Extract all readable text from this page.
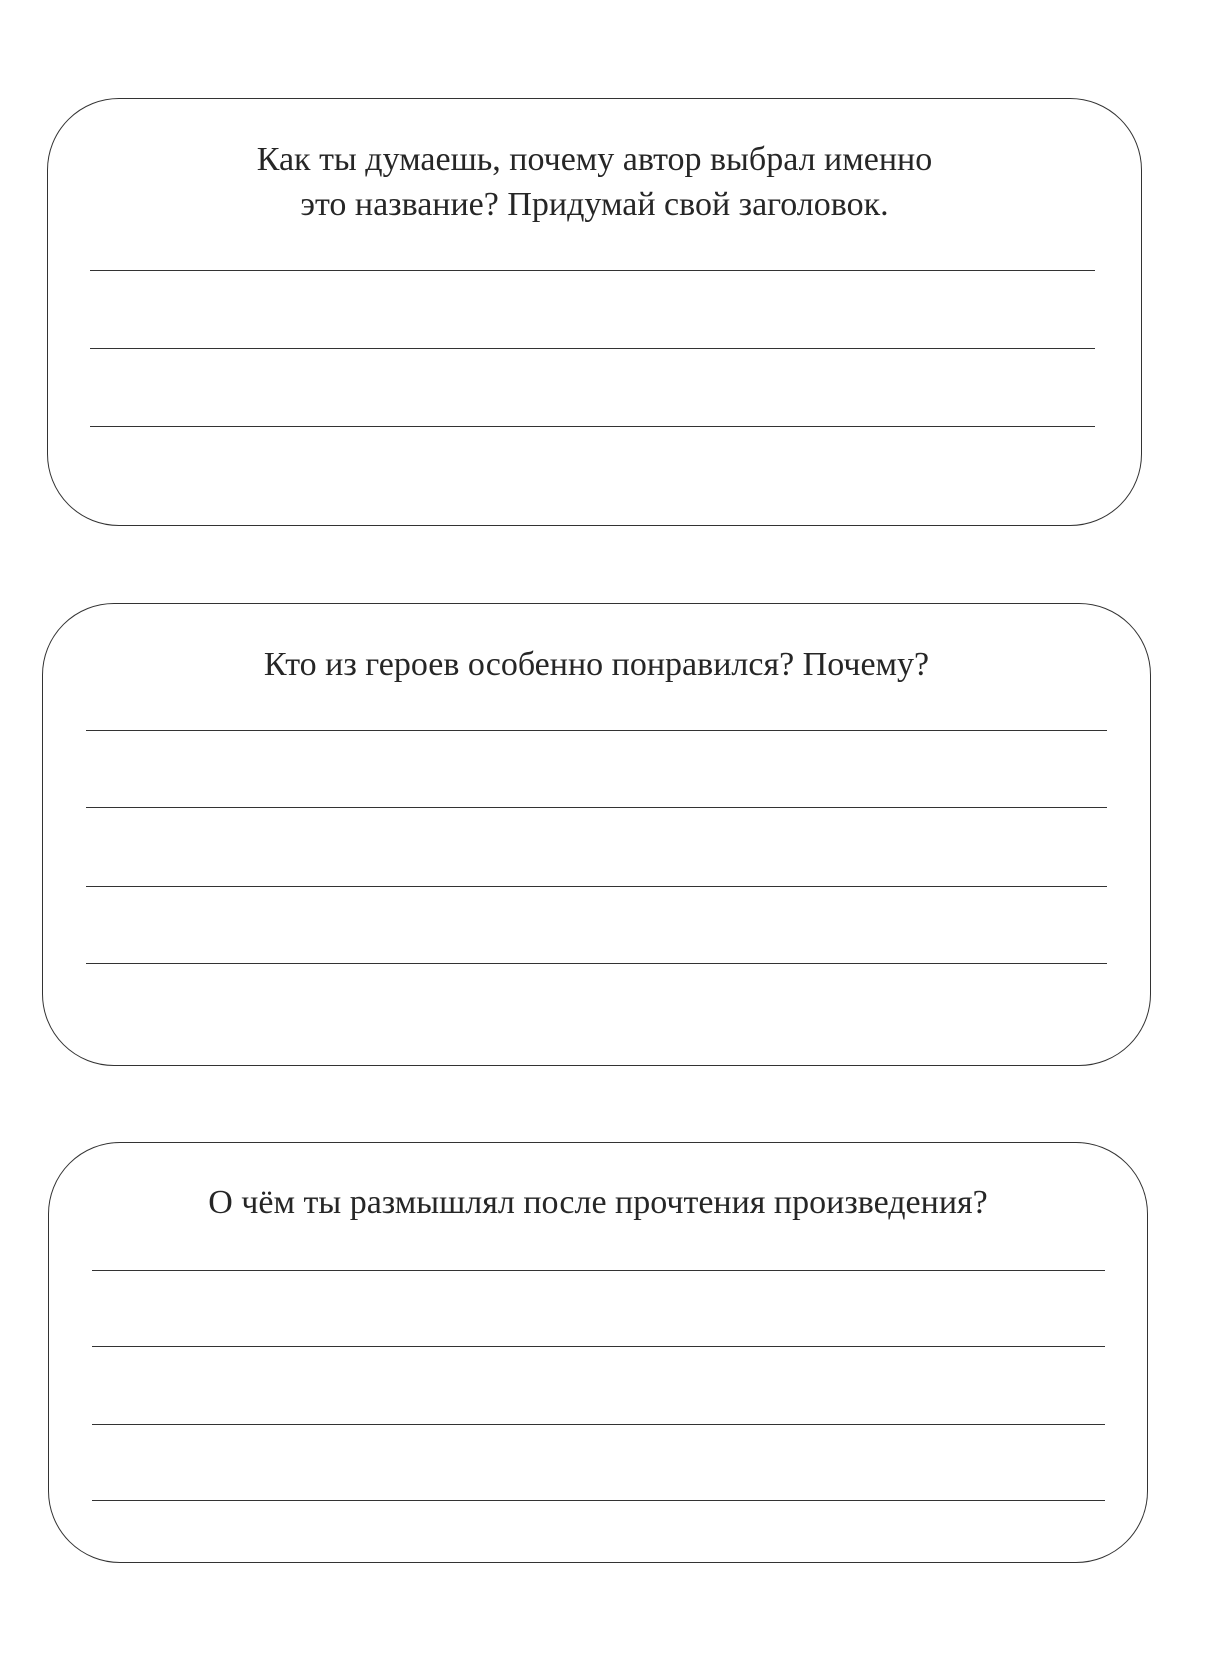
Как ты думаешь, почему автор выбрал именно
это название? Придумай свой заголовок.

Кто из героев особенно понравился? Почему?

О чём ты размышлял после прочтения произведения?
